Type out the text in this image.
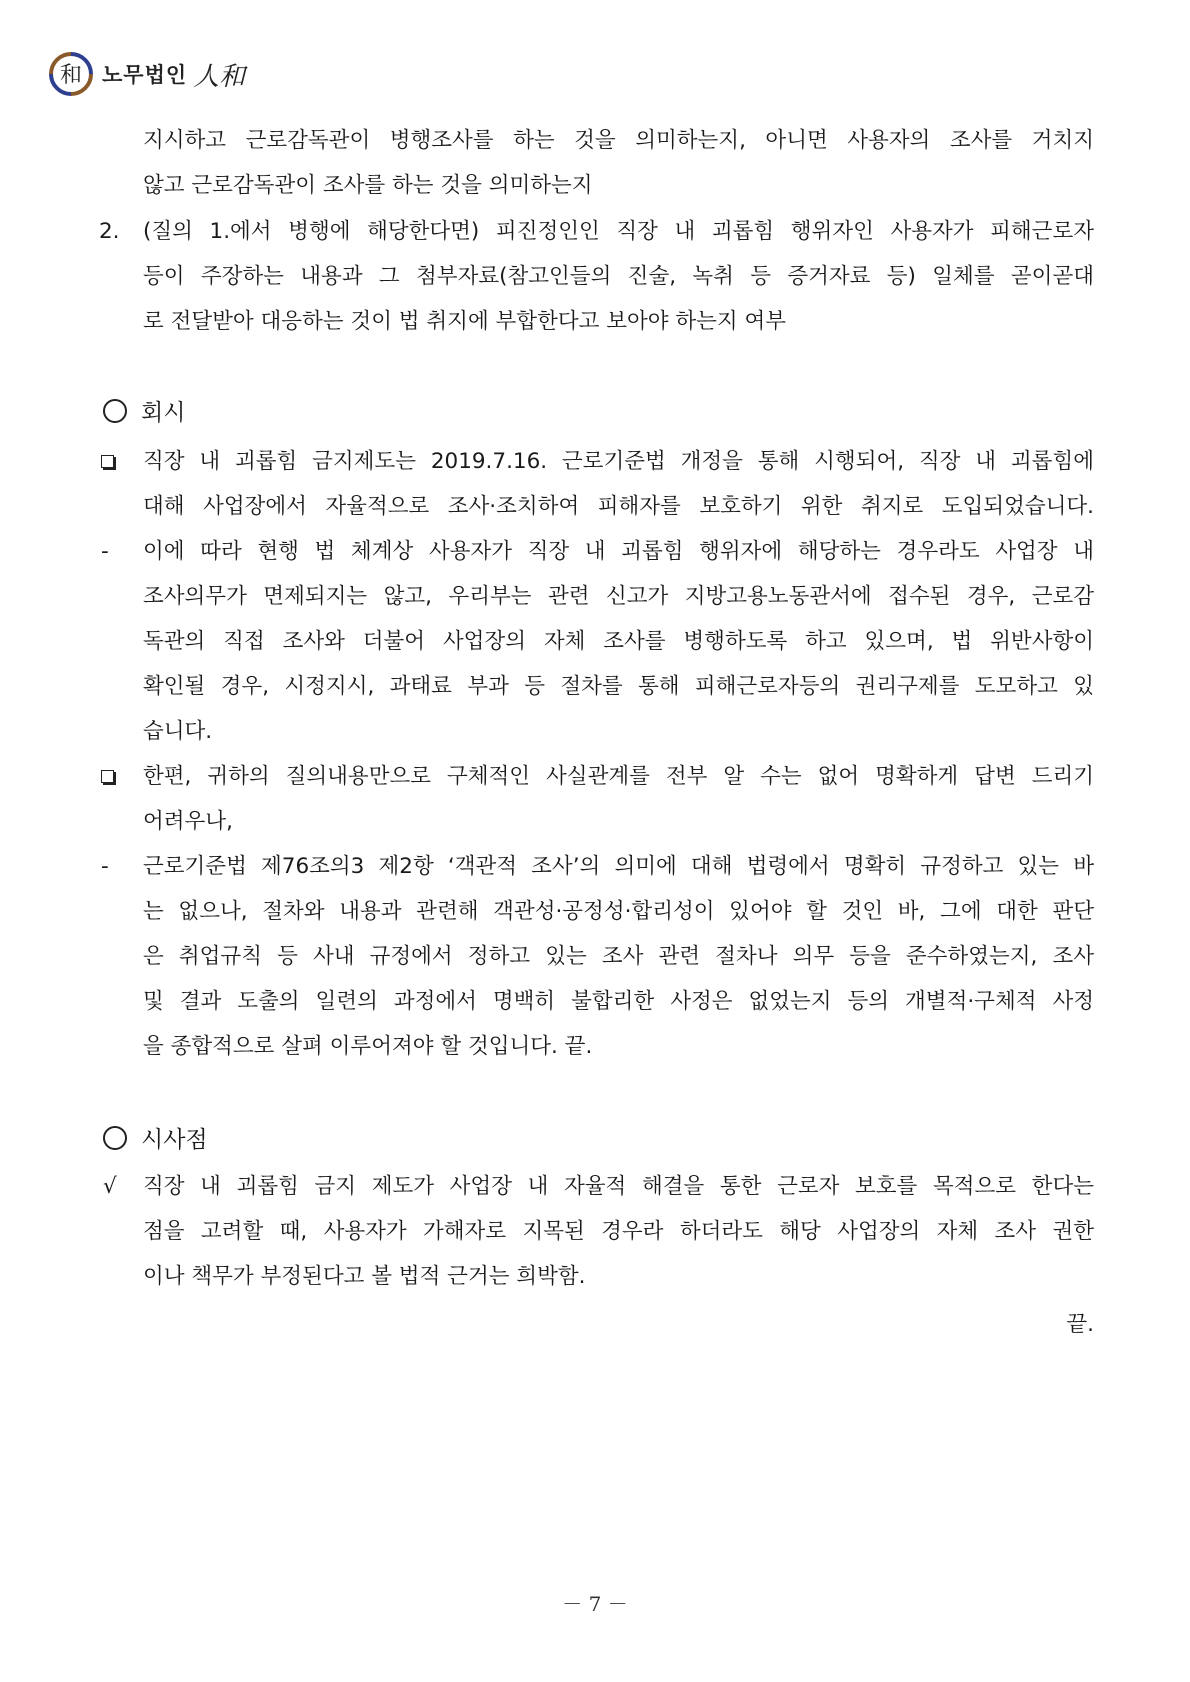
和 노무법인 人和
지시하고 근로감독관이 병행조사를 하는 것을 의미하는지, 아니면 사용자의 조사를 거치지
않고 근로감독관이 조사를 하는 것을 의미하는지
2. (질의 1.에서 병행에 해당한다면) 피진정인인 직장 내 괴롭힘 행위자인 사용자가 피해근로자
등이 주장하는 내용과 그 첨부자료(참고인들의 진술, 녹취 등 증거자료 등) 일체를 곧이곧대
로 전달받아 대응하는 것이 법 취지에 부합한다고 보아야 하는지 여부
회시
직장 내 괴롭힘 금지제도는 2019.7.16. 근로기준법 개정을 통해 시행되어, 직장 내 괴롭힘에
대해 사업장에서 자율적으로 조사·조치하여 피해자를 보호하기 위한 취지로 도입되었습니다.
- 이에 따라 현행 법 체계상 사용자가 직장 내 괴롭힘 행위자에 해당하는 경우라도 사업장 내
조사의무가 면제되지는 않고, 우리부는 관련 신고가 지방고용노동관서에 접수된 경우, 근로감
독관의 직접 조사와 더불어 사업장의 자체 조사를 병행하도록 하고 있으며, 법 위반사항이
확인될 경우, 시정지시, 과태료 부과 등 절차를 통해 피해근로자등의 권리구제를 도모하고 있
습니다.
한편, 귀하의 질의내용만으로 구체적인 사실관계를 전부 알 수는 없어 명확하게 답변 드리기
어려우나,
- 근로기준법 제76조의3 제2항 ‘객관적 조사’의 의미에 대해 법령에서 명확히 규정하고 있는 바
는 없으나, 절차와 내용과 관련해 객관성·공정성·합리성이 있어야 할 것인 바, 그에 대한 판단
은 취업규칙 등 사내 규정에서 정하고 있는 조사 관련 절차나 의무 등을 준수하였는지, 조사
및 결과 도출의 일련의 과정에서 명백히 불합리한 사정은 없었는지 등의 개별적·구체적 사정
을 종합적으로 살펴 이루어져야 할 것입니다. 끝.
시사점
√ 직장 내 괴롭힘 금지 제도가 사업장 내 자율적 해결을 통한 근로자 보호를 목적으로 한다는
점을 고려할 때, 사용자가 가해자로 지목된 경우라 하더라도 해당 사업장의 자체 조사 권한
이나 책무가 부정된다고 볼 법적 근거는 희박함.
끝.
－ 7 －
